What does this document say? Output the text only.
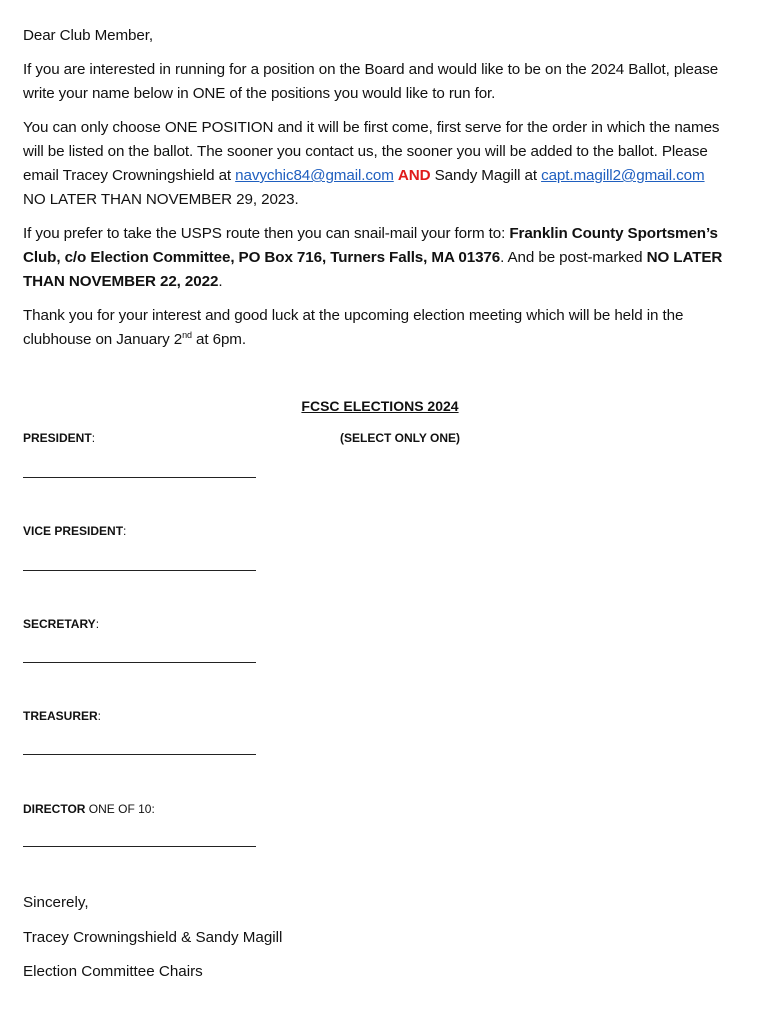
Dear Club Member,
If you are interested in running for a position on the Board and would like to be on the 2024 Ballot, please write your name below in ONE of the positions you would like to run for.
You can only choose ONE POSITION and it will be first come, first serve for the order in which the names will be listed on the ballot. The sooner you contact us, the sooner you will be added to the ballot. Please email Tracey Crowningshield at navychic84@gmail.com AND Sandy Magill at capt.magill2@gmail.com NO LATER THAN NOVEMBER 29, 2023.
If you prefer to take the USPS route then you can snail-mail your form to: Franklin County Sportsmen’s Club, c/o Election Committee, PO Box 716, Turners Falls, MA 01376. And be post-marked NO LATER THAN NOVEMBER 22, 2022.
Thank you for your interest and good luck at the upcoming election meeting which will be held in the clubhouse on January 2nd at 6pm.
FCSC ELECTIONS 2024
(SELECT ONLY ONE)
PRESIDENT:
VICE PRESIDENT:
SECRETARY:
TREASURER:
DIRECTOR ONE OF 10:
Sincerely,
Tracey Crowningshield & Sandy Magill
Election Committee Chairs
